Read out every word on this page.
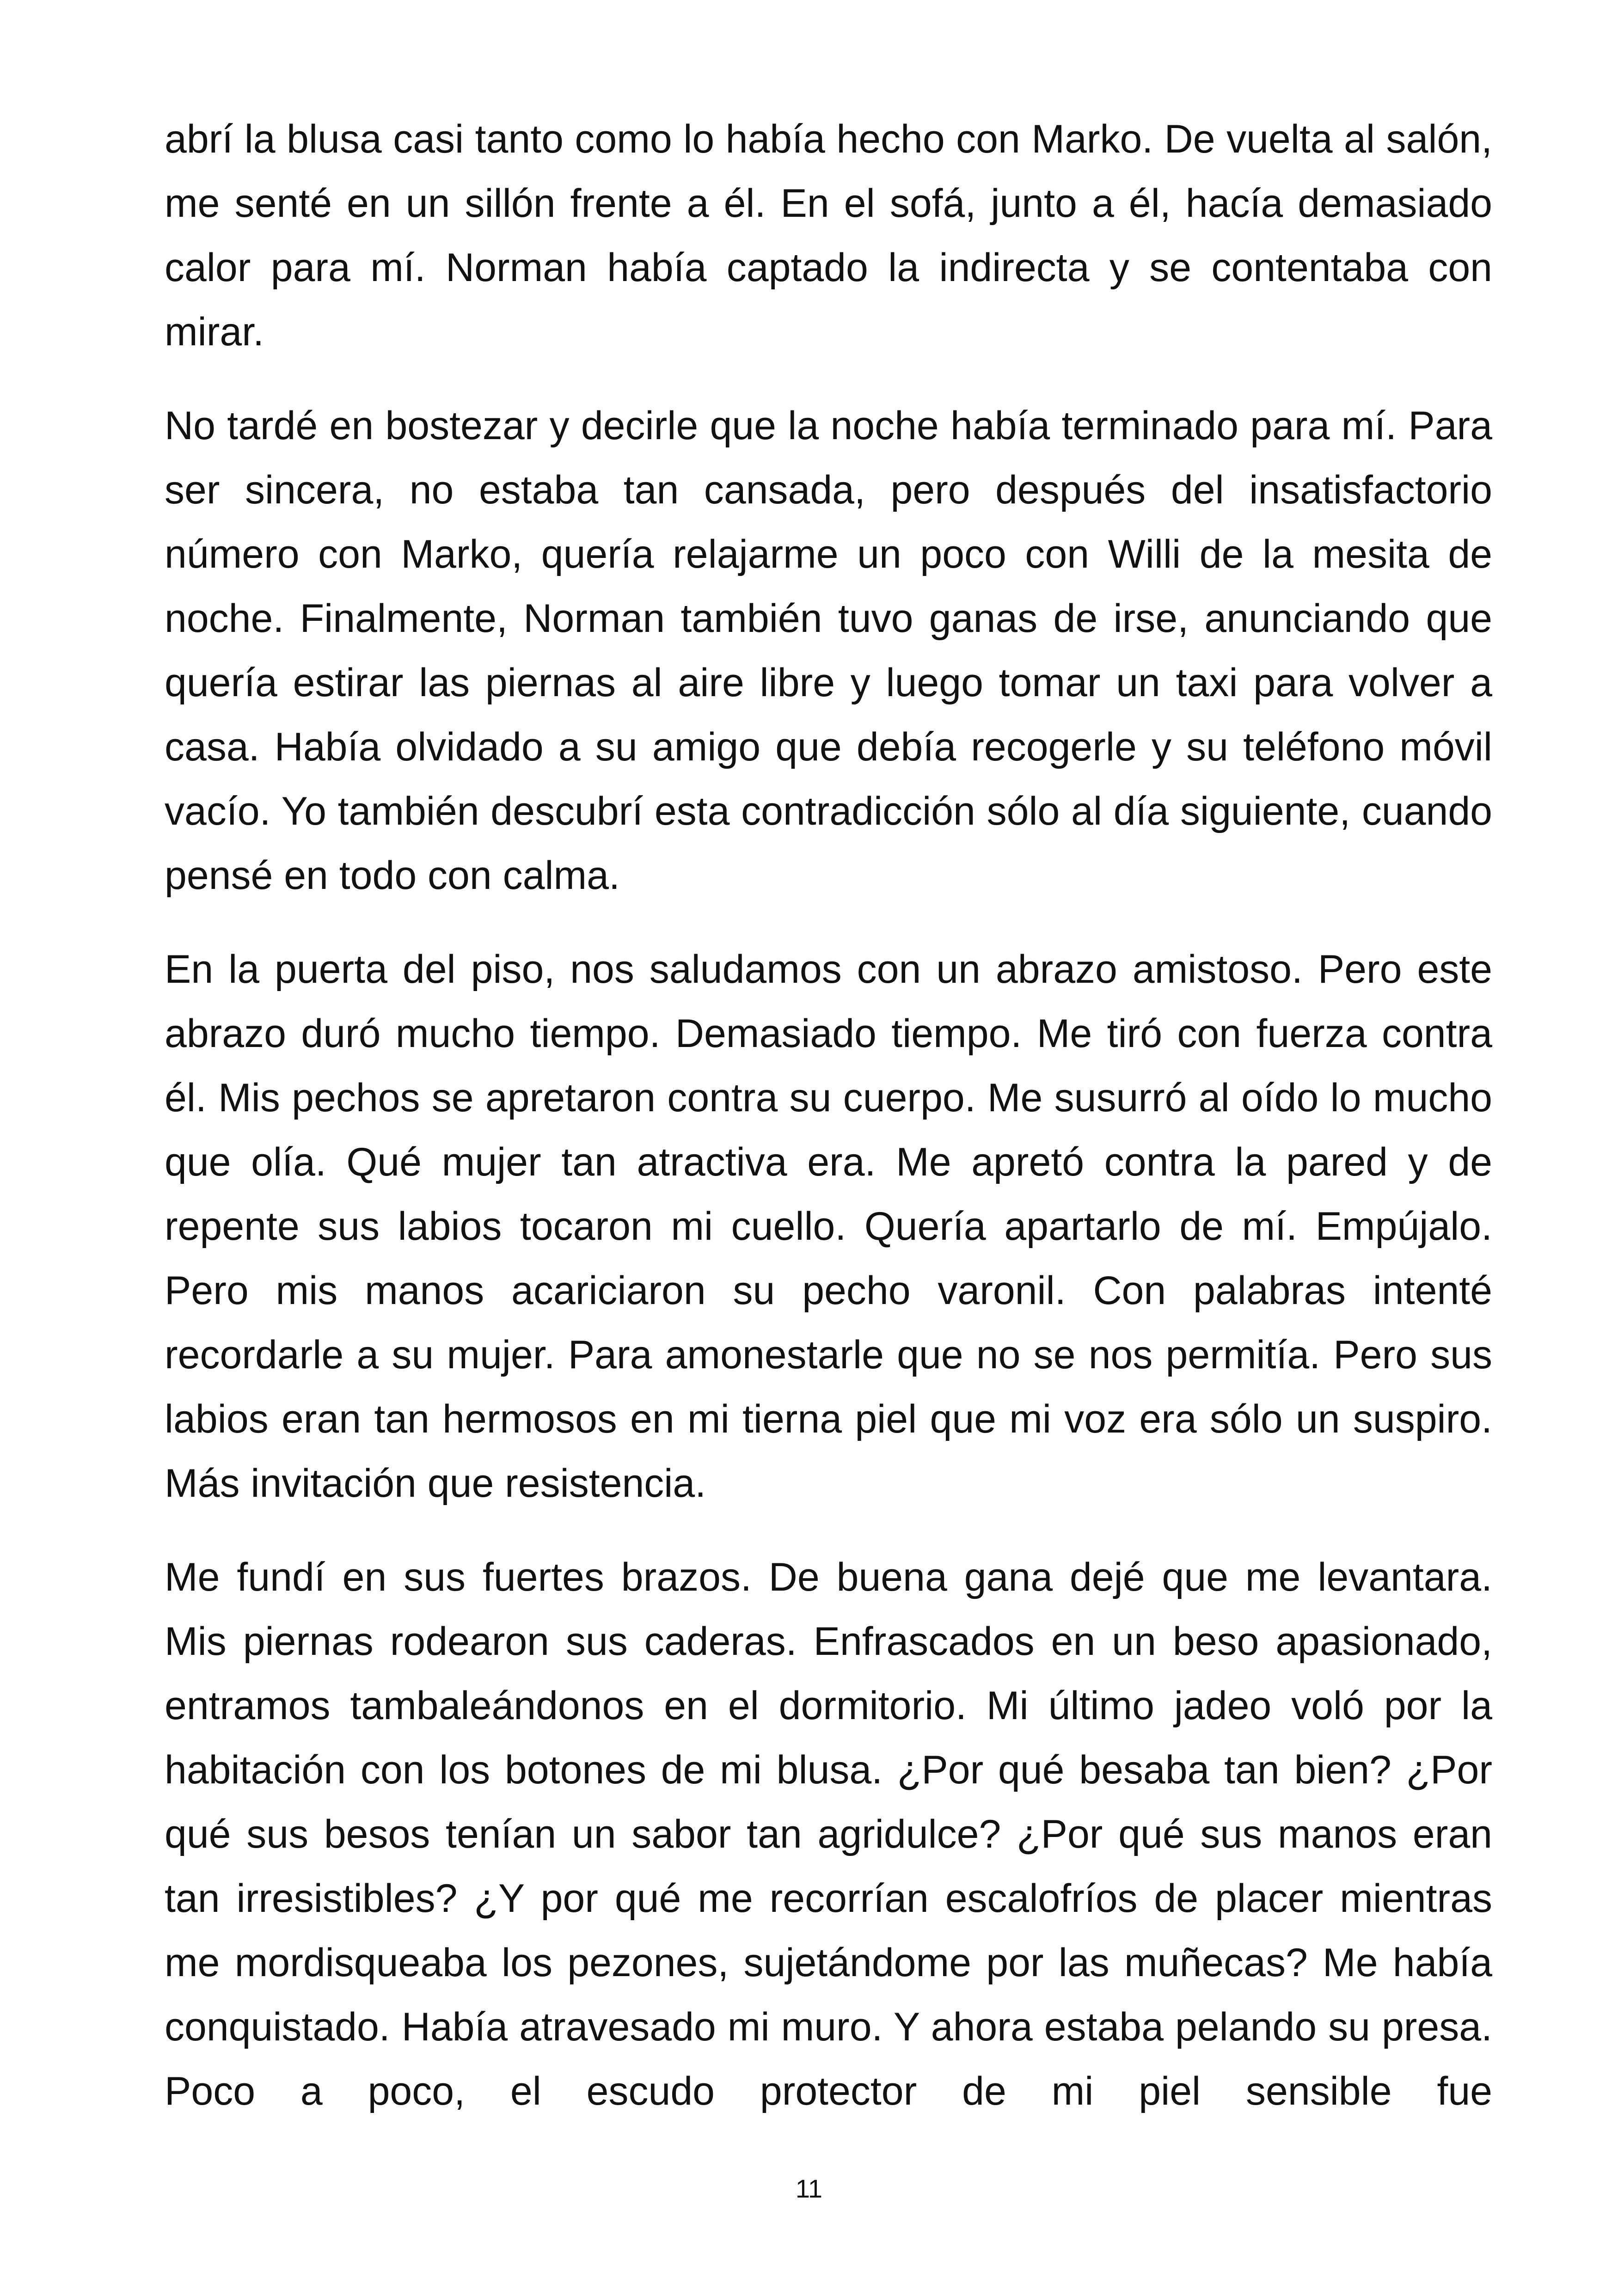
abrí la blusa casi tanto como lo había hecho con Marko. De vuelta al salón, me senté en un sillón frente a él. En el sofá, junto a él, hacía demasiado calor para mí. Norman había captado la indirecta y se contentaba con mirar.

No tardé en bostezar y decirle que la noche había terminado para mí. Para ser sincera, no estaba tan cansada, pero después del insatisfactorio número con Marko, quería relajarme un poco con Willi de la mesita de noche. Finalmente, Norman también tuvo ganas de irse, anunciando que quería estirar las piernas al aire libre y luego tomar un taxi para volver a casa. Había olvidado a su amigo que debía recogerle y su teléfono móvil vacío. Yo también descubrí esta contradicción sólo al día siguiente, cuando pensé en todo con calma.

En la puerta del piso, nos saludamos con un abrazo amistoso. Pero este abrazo duró mucho tiempo. Demasiado tiempo. Me tiró con fuerza contra él. Mis pechos se apretaron contra su cuerpo. Me susurró al oído lo mucho que olía. Qué mujer tan atractiva era. Me apretó contra la pared y de repente sus labios tocaron mi cuello. Quería apartarlo de mí. Empújalo. Pero mis manos acariciaron su pecho varonil. Con palabras intenté recordarle a su mujer. Para amonestarle que no se nos permitía. Pero sus labios eran tan hermosos en mi tierna piel que mi voz era sólo un suspiro. Más invitación que resistencia.

Me fundí en sus fuertes brazos. De buena gana dejé que me levantara. Mis piernas rodearon sus caderas. Enfrascados en un beso apasionado, entramos tambaleándonos en el dormitorio. Mi último jadeo voló por la habitación con los botones de mi blusa. ¿Por qué besaba tan bien? ¿Por qué sus besos tenían un sabor tan agridulce? ¿Por qué sus manos eran tan irresistibles? ¿Y por qué me recorrían escalofríos de placer mientras me mordisqueaba los pezones, sujetándome por las muñecas? Me había conquistado. Había atravesado mi muro. Y ahora estaba pelando su presa. Poco a poco, el escudo protector de mi piel sensible fue

11
